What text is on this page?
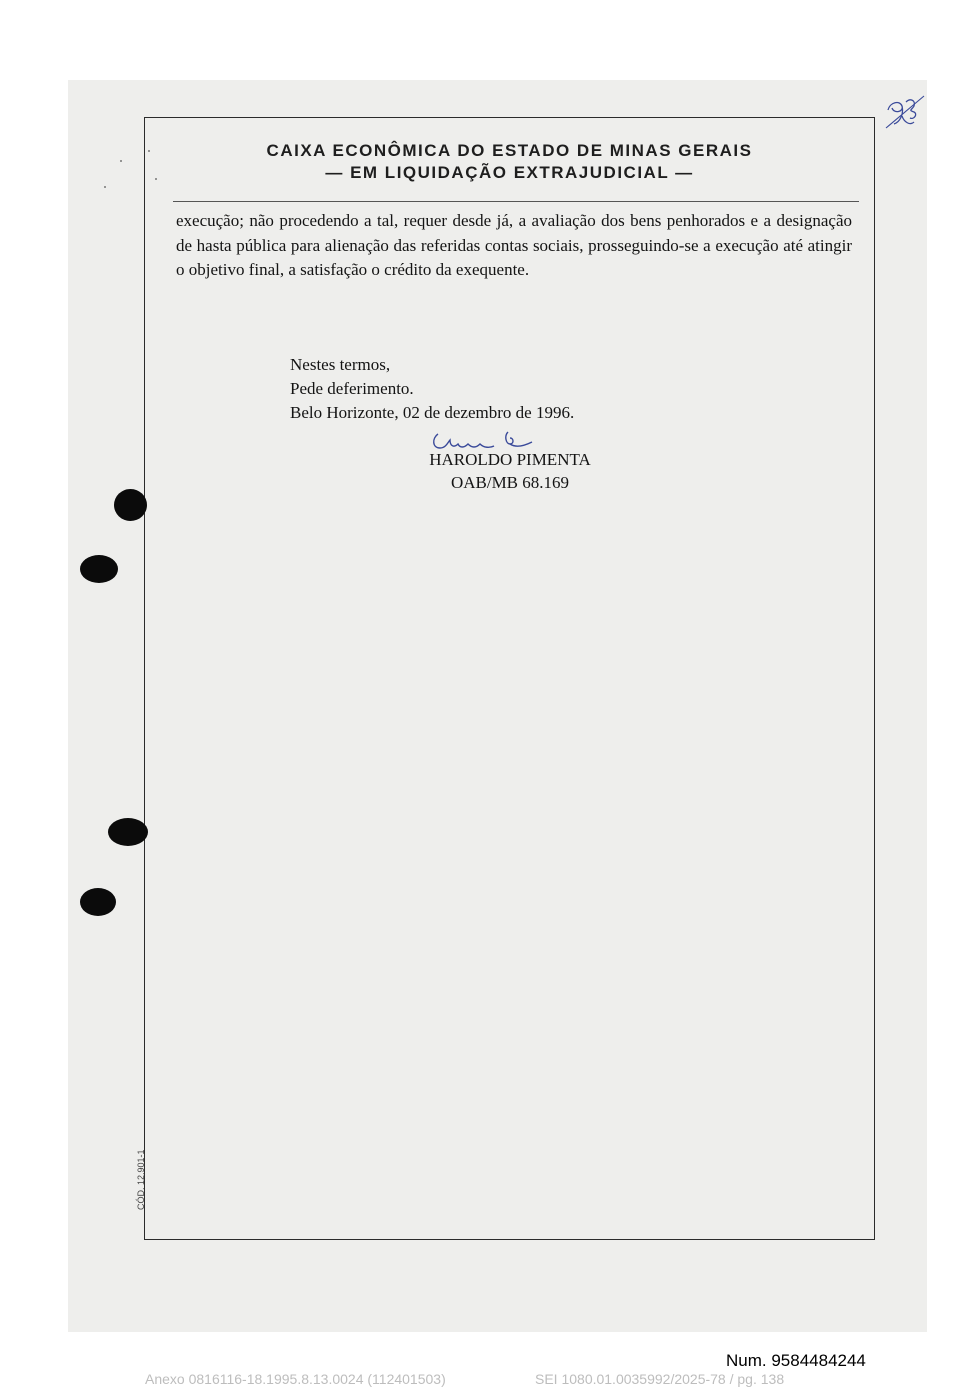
CAIXA ECONÔMICA DO ESTADO DE MINAS GERAIS
— EM LIQUIDAÇÃO EXTRAJUDICIAL —
execução; não procedendo a tal, requer desde já, a avaliação dos bens penhorados e a designação de hasta pública para alienação das referidas contas sociais, prosseguindo-se a execução até atingir o objetivo final, a satisfação o crédito da exequente.
Nestes termos,
Pede deferimento.
Belo Horizonte, 02 de dezembro de 1996.
HAROLDO PIMENTA
OAB/MB 68.169
CÓD. 12.901-1
Num. 9584484244
Anexo 0816116-18.1995.8.13.0024 (112401503)	SEI 1080.01.0035992/2025-78 / pg. 138
